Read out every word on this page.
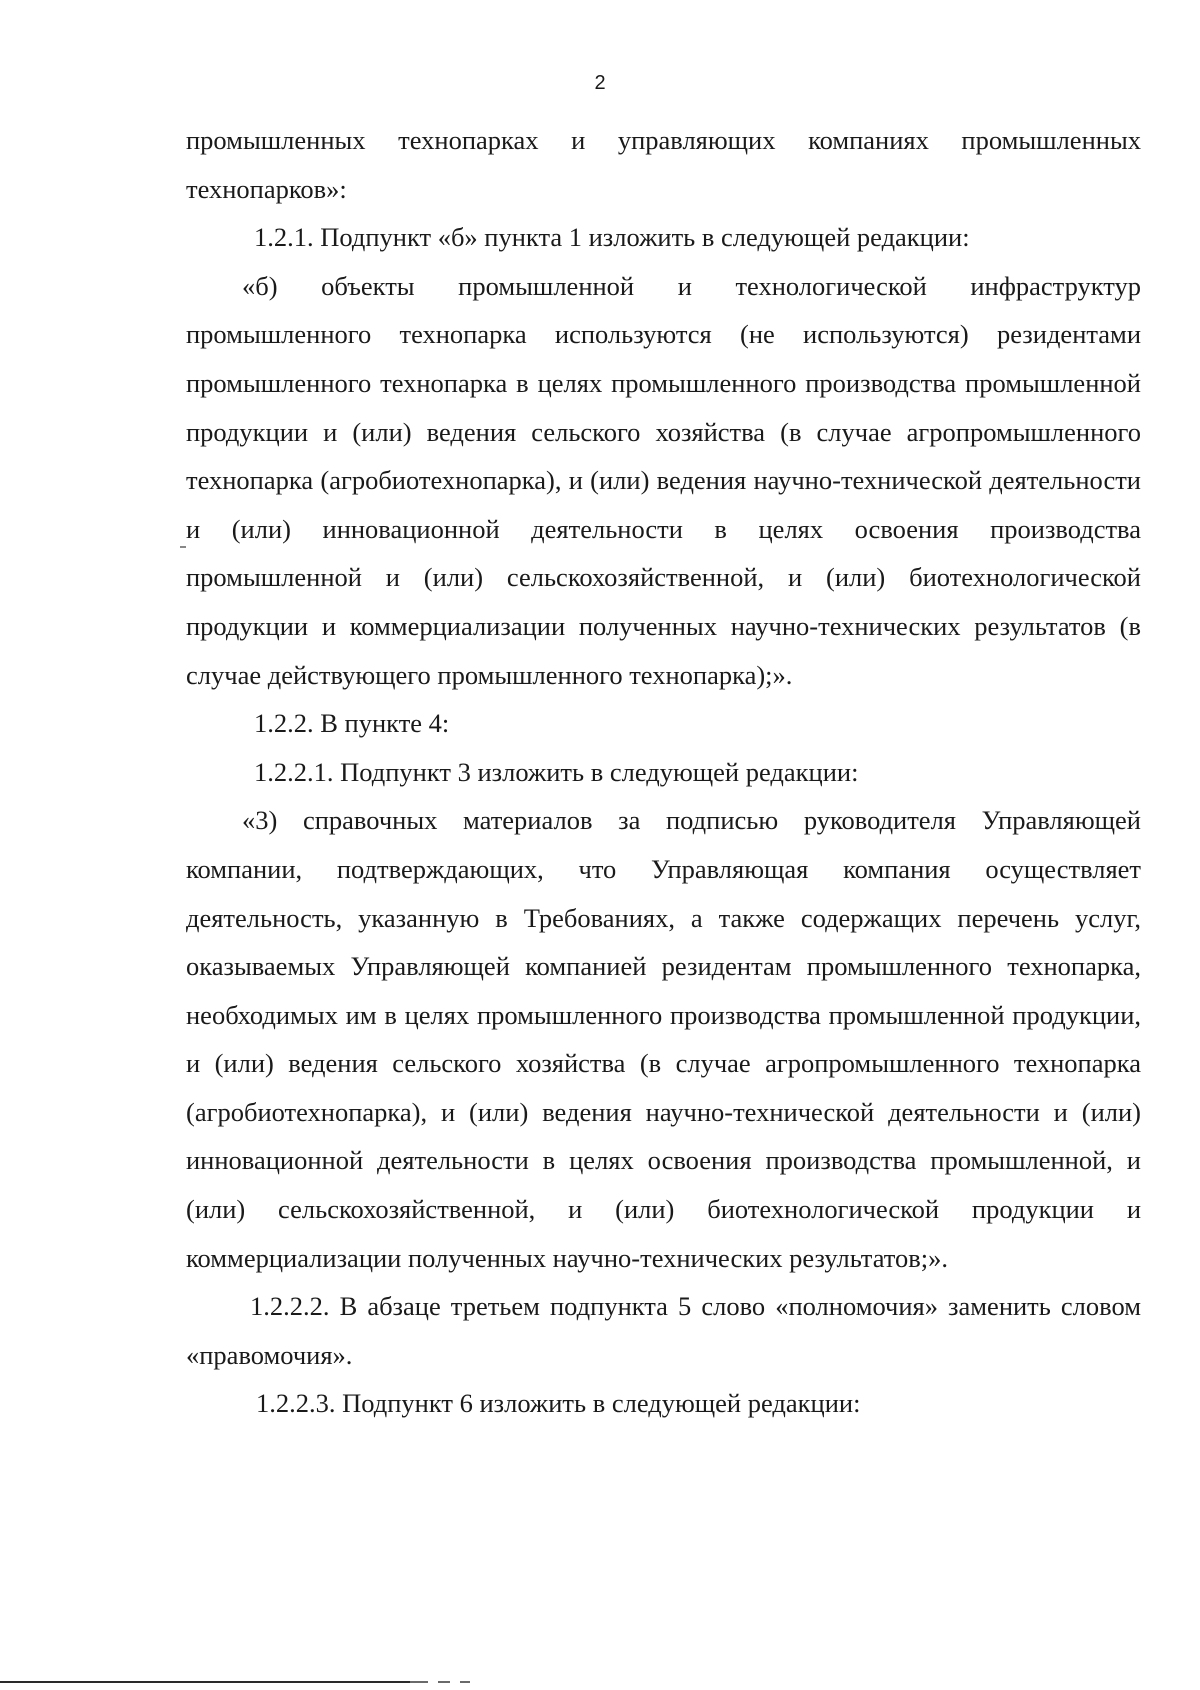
2

промышленных технопарках и управляющих компаниях промышленных технопарков»:

1.2.1. Подпункт «б» пункта 1 изложить в следующей редакции:

«б) объекты промышленной и технологической инфраструктур промышленного технопарка используются (не используются) резидентами промышленного технопарка в целях промышленного производства промышленной продукции и (или) ведения сельского хозяйства (в случае агропромышленного технопарка (агробиотехнопарка), и (или) ведения научно-технической деятельности и (или) инновационной деятельности в целях освоения производства промышленной и (или) сельскохозяйственной, и (или) биотехнологической продукции и коммерциализации полученных научно-технических результатов (в случае действующего промышленного технопарка);».

1.2.2. В пункте 4:

1.2.2.1. Подпункт 3 изложить в следующей редакции:

«3) справочных материалов за подписью руководителя Управляющей компании, подтверждающих, что Управляющая компания осуществляет деятельность, указанную в Требованиях, а также содержащих перечень услуг, оказываемых Управляющей компанией резидентам промышленного технопарка, необходимых им в целях промышленного производства промышленной продукции, и (или) ведения сельского хозяйства (в случае агропромышленного технопарка (агробиотехнопарка), и (или) ведения научно-технической деятельности и (или) инновационной деятельности в целях освоения производства промышленной, и (или) сельскохозяйственной, и (или) биотехнологической продукции и коммерциализации полученных научно-технических результатов;».

1.2.2.2. В абзаце третьем подпункта 5 слово «полномочия» заменить словом «правомочия».

1.2.2.3. Подпункт 6 изложить в следующей редакции:
